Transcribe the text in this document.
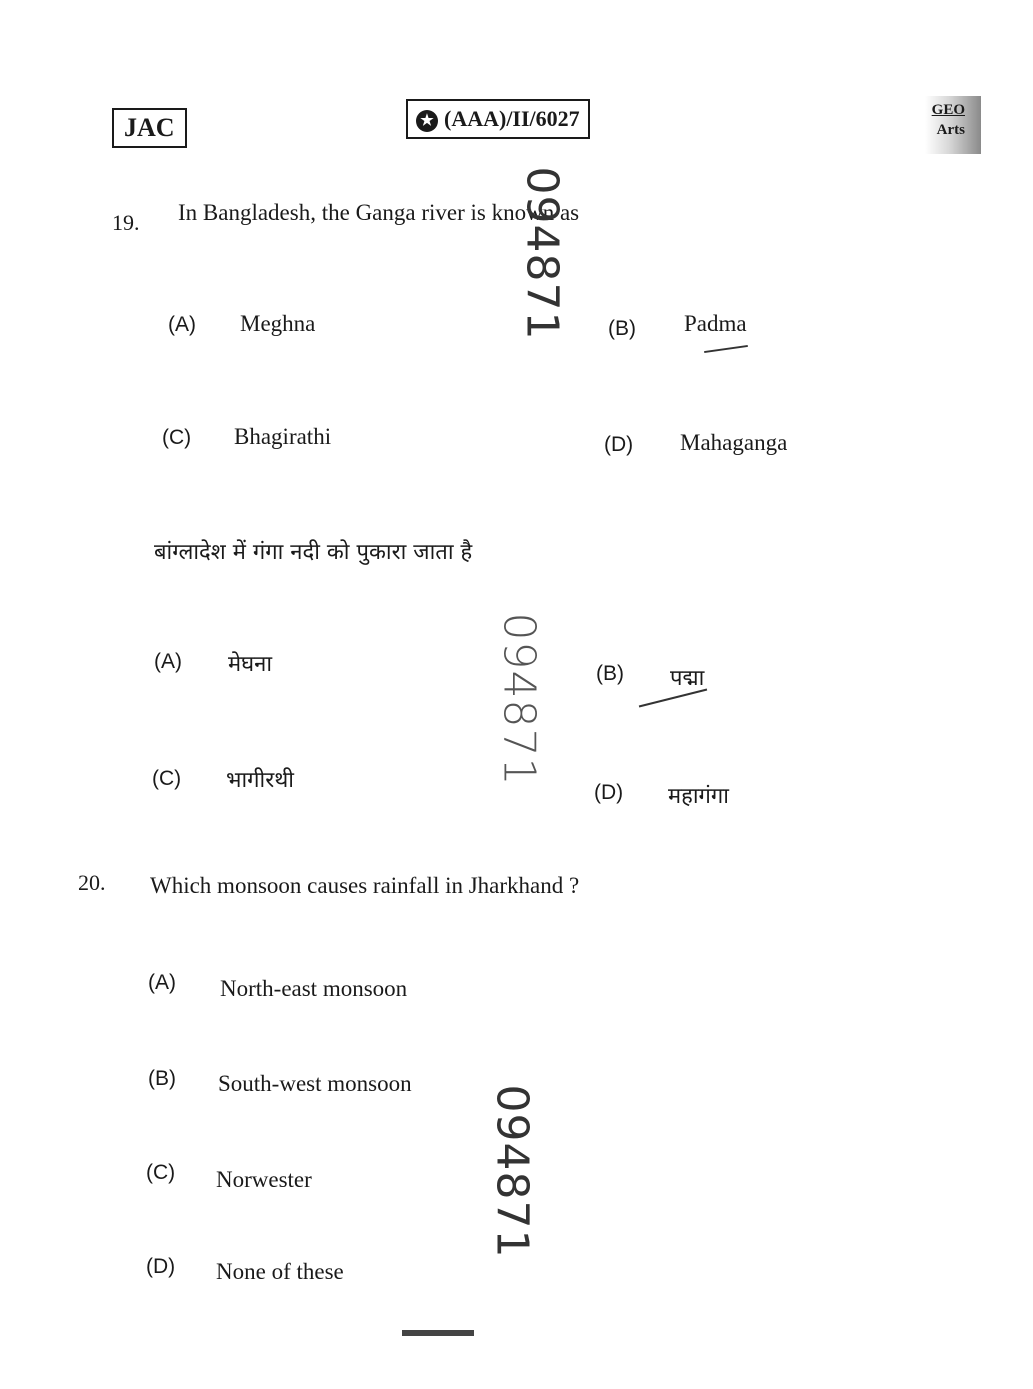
JAC	★ (AAA)/II/6027	GEO
Arts
19. In Bangladesh, the Ganga river is known as
094871
(A) Meghna	(B) Padma
(C) Bhagirathi	(D) Mahaganga
बांग्लादेश में गंगा नदी को पुकारा जाता है
(A) मेघना	094871 (B) पद्मा
(C) भागीरथी	(D) महागंगा
20. Which monsoon causes rainfall in Jharkhand ?
(A) North-east monsoon
(B) South-west monsoon
094871
(C) Norwester
(D) None of these
